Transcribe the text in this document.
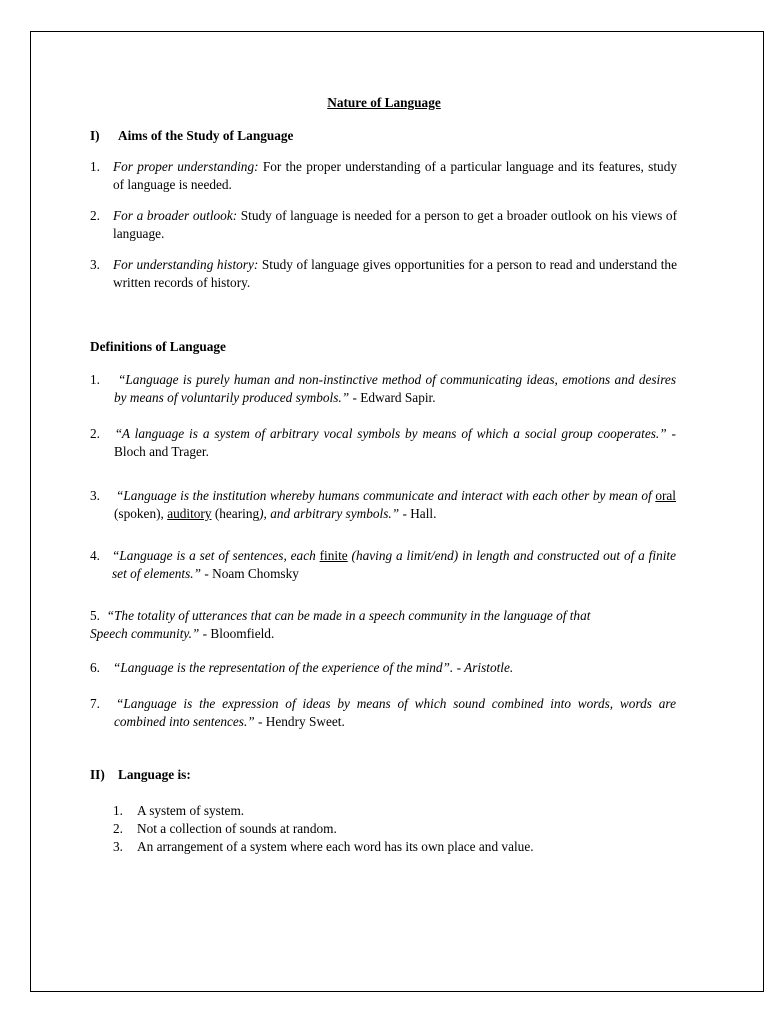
Nature of Language
I) Aims of the Study of Language
1. For proper understanding: For the proper understanding of a particular language and its features, study of language is needed.
2. For a broader outlook: Study of language is needed for a person to get a broader outlook on his views of language.
3. For understanding history: Study of language gives opportunities for a person to read and understand the written records of history.
Definitions of Language
1.	“Language is purely human and non-instinctive method of communicating ideas, emotions and desires by means of voluntarily produced symbols.” - Edward Sapir.
2. “A language is a system of arbitrary vocal symbols by means of which a social group cooperates.” - Bloch and Trager.
3. “Language is the institution whereby humans communicate and interact with each other by mean of oral (spoken), auditory (hearing), and arbitrary symbols.” - Hall.
4. “Language is a set of sentences, each finite (having a limit/end) in length and constructed out of a finite set of elements.” - Noam Chomsky
5. “The totality of utterances that can be made in a speech community in the language of that
Speech community.” - Bloomfield.
6. “Language is the representation of the experience of the mind”. - Aristotle.
7. “Language is the expression of ideas by means of which sound combined into words, words are combined into sentences.” - Hendry Sweet.
II) Language is:
1. A system of system.
2. Not a collection of sounds at random.
3. An arrangement of a system where each word has its own place and value.
